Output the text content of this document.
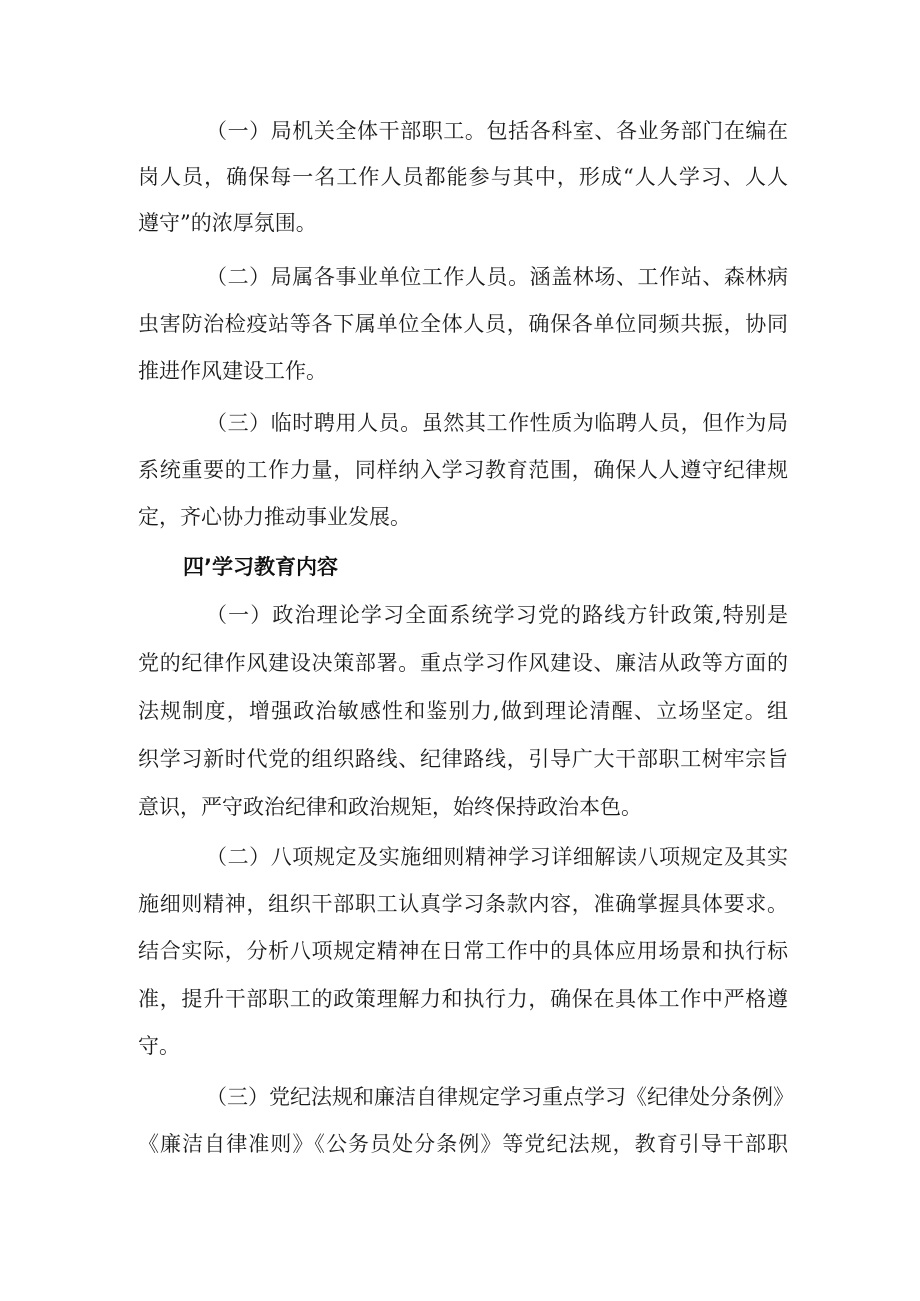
（一）局机关全体干部职工。包括各科室、各业务部门在编在
岗人员，确保每一名工作人员都能参与其中，形成“人人学习、人人
遵守”的浓厚氛围。
（二）局属各事业单位工作人员。涵盖林场、工作站、森林病
虫害防治检疫站等各下属单位全体人员，确保各单位同频共振，协同
推进作风建设工作。
（三）临时聘用人员。虽然其工作性质为临聘人员，但作为局
系统重要的工作力量，同样纳入学习教育范围，确保人人遵守纪律规
定，齐心协力推动事业发展。
四’学习教育内容
（一）政治理论学习全面系统学习党的路线方针政策,特别是
党的纪律作风建设决策部署。重点学习作风建设、廉洁从政等方面的
法规制度，增强政治敏感性和鉴别力,做到理论清醒、立场坚定。组
织学习新时代党的组织路线、纪律路线，引导广大干部职工树牢宗旨
意识，严守政治纪律和政治规矩，始终保持政治本色。
（二）八项规定及实施细则精神学习详细解读八项规定及其实
施细则精神，组织干部职工认真学习条款内容，准确掌握具体要求。
结合实际，分析八项规定精神在日常工作中的具体应用场景和执行标
准，提升干部职工的政策理解力和执行力，确保在具体工作中严格遵
守。
（三）党纪法规和廉洁自律规定学习重点学习《纪律处分条例》
《廉洁自律准则》《公务员处分条例》等党纪法规，教育引导干部职
